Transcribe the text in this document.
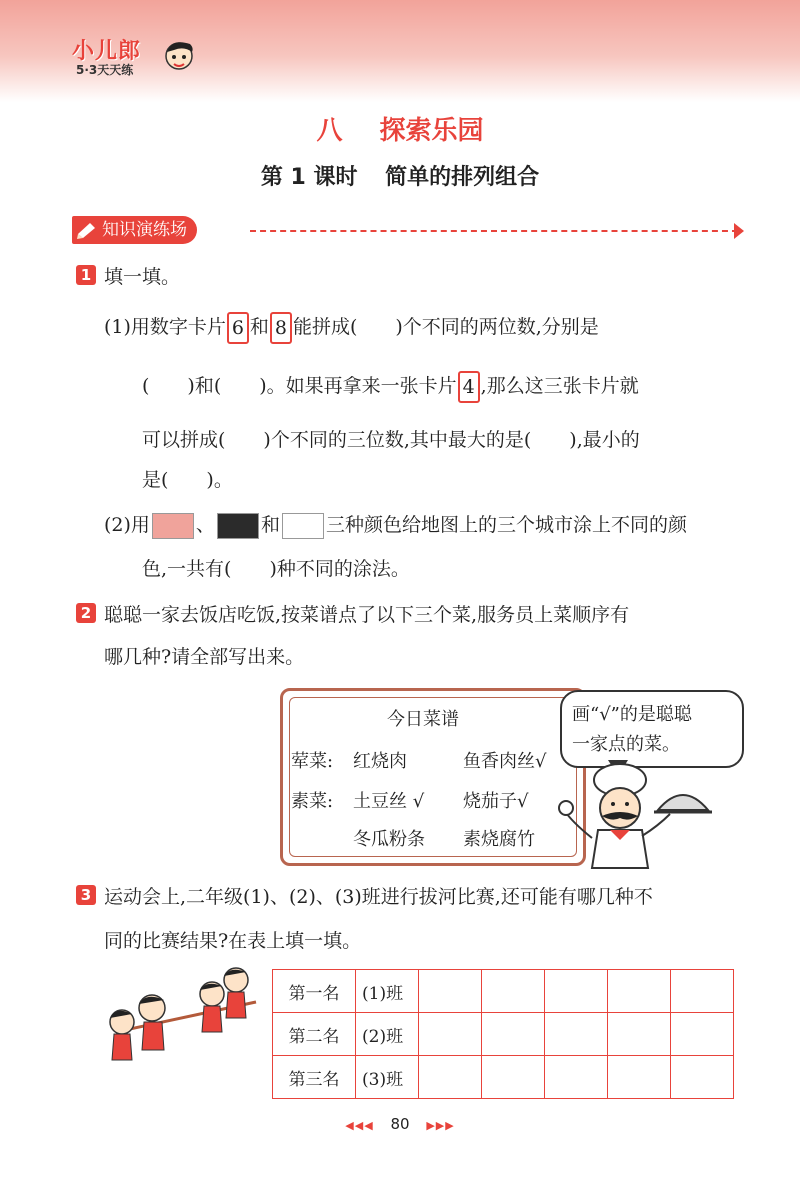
小儿郎
5·3天天练
八 探索乐园
第 1 课时 简单的排列组合
知识演练场
1 填一填。
(1)用数字卡片 6 和 8 能拼成(　　)个不同的两位数,分别是
(　　)和(　　)。如果再拿来一张卡片 4 ,那么这三张卡片就
可以拼成(　　)个不同的三位数,其中最大的是(　　),最小的
是(　　)。
(2)用 、 和 三种颜色给地图上的三个城市涂上不同的颜
色,一共有(　　)种不同的涂法。
2 聪聪一家去饭店吃饭,按菜谱点了以下三个菜,服务员上菜顺序有
哪几种?请全部写出来。
今日菜谱
荤菜: 红烧肉	鱼香肉丝√
素菜: 土豆丝 √ 烧茄子√
冬瓜粉条 素烧腐竹
画“√”的是聪聪
一家点的菜。
3 运动会上,二年级(1)、(2)、(3)班进行拔河比赛,还可能有哪几种不
同的比赛结果?在表上填一填。
第一名	(1)班					
第二名	(2)班					
第三名	(3)班					
◀◀◀ 80 ▶▶▶
